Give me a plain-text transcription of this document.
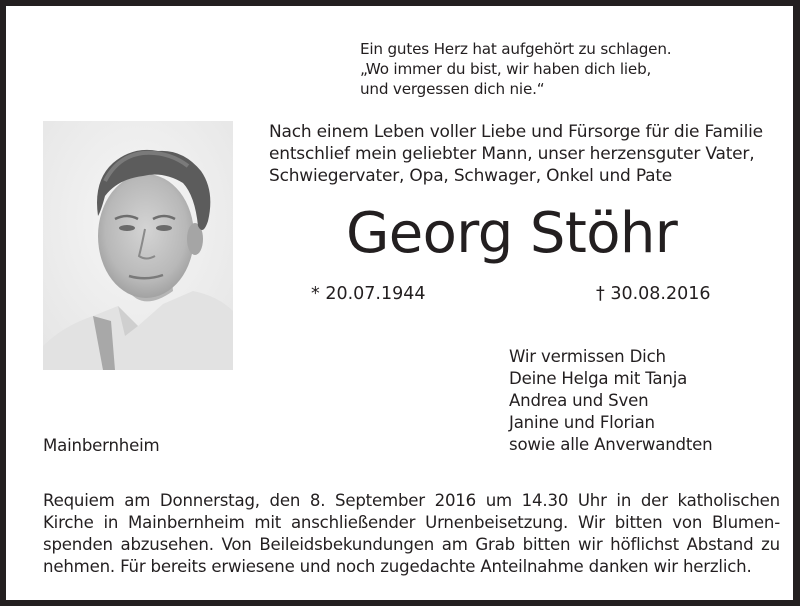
Ein gutes Herz hat aufgehört zu schlagen.
„Wo immer du bist, wir haben dich lieb,
und vergessen dich nie.“
Nach einem Leben voller Liebe und Fürsorge für die Familie
entschlief mein geliebter Mann, unser herzensguter Vater,
Schwiegervater, Opa, Schwager, Onkel und Pate
Georg Stöhr
* 20.07.1944	† 30.08.2016
Wir vermissen Dich
Deine Helga mit Tanja
Andrea und Sven
Janine und Florian
sowie alle Anverwandten
Mainbernheim
Requiem am Donnerstag, den 8. September 2016 um 14.30 Uhr in der katholischen
Kirche in Mainbernheim mit anschließender Urnenbeisetzung. Wir bitten von Blumen-
spenden abzusehen. Von Beileidsbekundungen am Grab bitten wir höflichst Abstand zu
nehmen. Für bereits erwiesene und noch zugedachte Anteilnahme danken wir herzlich.
